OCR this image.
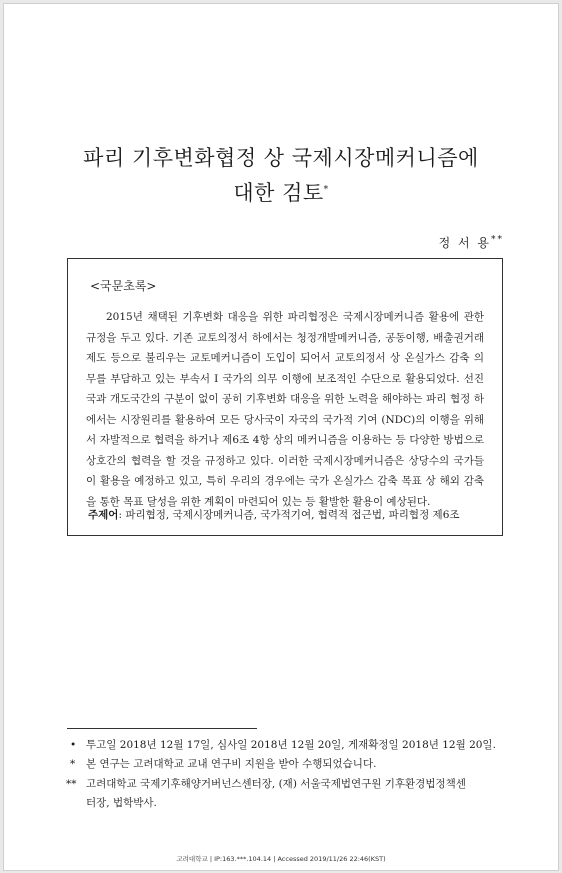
파리 기후변화협정 상 국제시장메커니즘에
대한 검토*
정 서 용**
<국문초록>
2015년 채택된 기후변화 대응을 위한 파리협정은 국제시장메커니즘 활용에 관한 규정을 두고 있다. 기존 교토의정서 하에서는 청정개발메커니즘, 공동이행, 배출권거래제도 등으로 불리우는 교토메커니즘이 도입이 되어서 교토의정서 상 온실가스 감축 의무를 부담하고 있는 부속서 I 국가의 의무 이행에 보조적인 수단으로 활용되었다. 선진국과 개도국간의 구분이 없이 공히 기후변화 대응을 위한 노력을 해야하는 파리 협정 하에서는 시장원리를 활용하여 모든 당사국이 자국의 국가적 기여 (NDC)의 이행을 위해서 자발적으로 협력을 하거나 제6조 4항 상의 메커니즘을 이용하는 등 다양한 방법으로 상호간의 협력을 할 것을 규정하고 있다. 이러한 국제시장메커니즘은 상당수의 국가들이 활용을 예정하고 있고, 특히 우리의 경우에는 국가 온실가스 감축 목표 상 해외 감축을 통한 목표 달성을 위한 계획이 마련되어 있는 등 활발한 활용이 예상된다.
주제어: 파리협정, 국제시장메커니즘, 국가적기여, 협력적 접근법, 파리협정 제6조
• 투고일 2018년 12월 17일, 심사일 2018년 12월 20일, 게재확정일 2018년 12월 20일.
* 본 연구는 고려대학교 교내 연구비 지원을 받아 수행되었습니다.
** 고려대학교 국제기후해양거버넌스센터장, (재) 서울국제법연구원 기후환경법정책센
터장, 법학박사.
고려대학교 | IP:163.***.104.14 | Accessed 2019/11/26 22:46(KST)
